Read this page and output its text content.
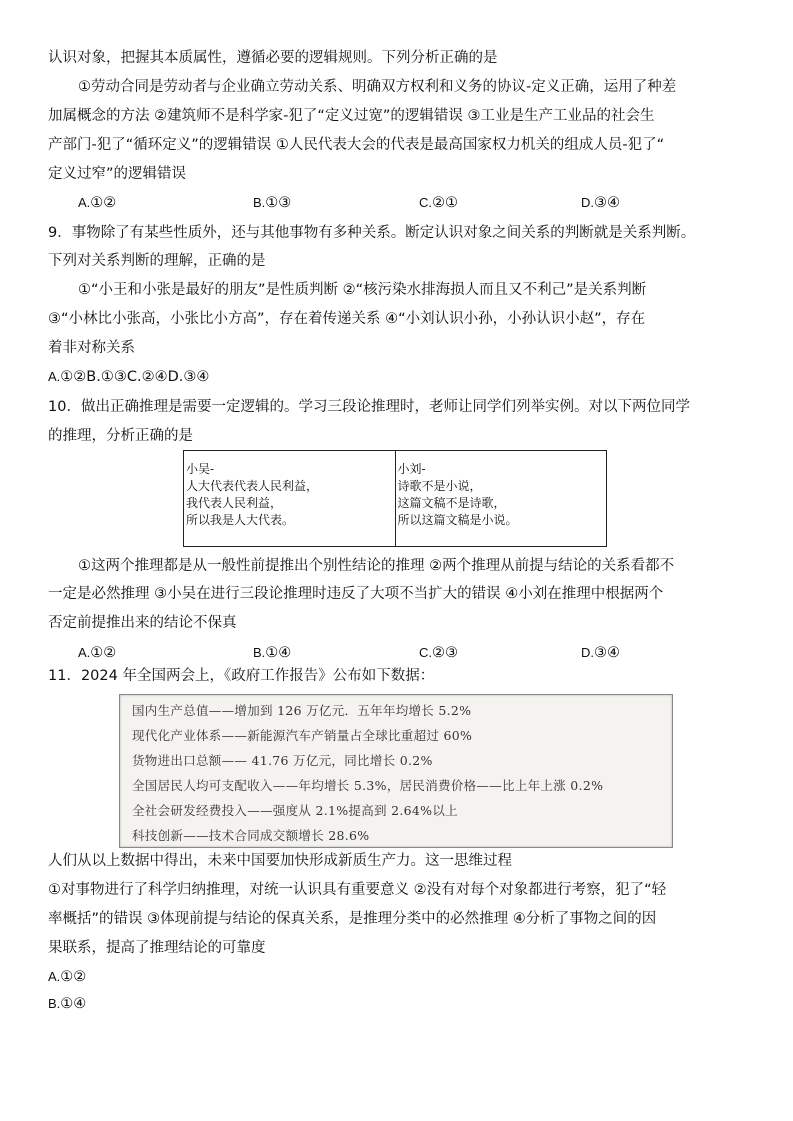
认识对象，把握其本质属性，遵循必要的逻辑规则。下列分析正确的是
①劳动合同是劳动者与企业确立劳动关系、明确双方权利和义务的协议-定义正确，运用了种差
加属概念的方法 ②建筑师不是科学家-犯了“定义过宽”的逻辑错误 ③工业是生产工业品的社会生
产部门-犯了“循环定义”的逻辑错误 ①人民代表大会的代表是最高国家权力机关的组成人员-犯了“
定义过窄”的逻辑错误
A.①②	B.①③	C.②①	D.③④
9．事物除了有某些性质外，还与其他事物有多种关系。断定认识对象之间关系的判断就是关系判断。
下列对关系判断的理解，正确的是
①“小王和小张是最好的朋友”是性质判断 ②“核污染水排海损人而且又不利己”是关系判断
③“小林比小张高，小张比小方高”，存在着传递关系 ④“小刘认识小孙，小孙认识小赵”，存在
着非对称关系
A.①②B.①③C.②④D.③④
10．做出正确推理是需要一定逻辑的。学习三段论推理时，老师让同学们列举实例。对以下两位同学
的推理，分析正确的是
小吴-
人大代表代表人民利益，
我代表人民利益，
所以我是人大代表。

小刘-
诗歌不是小说，
这篇文稿不是诗歌，
所以这篇文稿是小说。
①这两个推理都是从一般性前提推出个别性结论的推理 ②两个推理从前提与结论的关系看都不
一定是必然推理 ③小吴在进行三段论推理时违反了大项不当扩大的错误 ④小刘在推理中根据两个
否定前提推出来的结论不保真
A.①②	B.①④	C.②③	D.③④
11．2024 年全国两会上，《政府工作报告》公布如下数据：
国内生产总值——增加到 126 万亿元．五年年均增长 5.2%
现代化产业体系——新能源汽车产销量占全球比重超过 60%
货物进出口总额—— 41.76 万亿元，同比增长 0.2%
全国居民人均可支配收入——年均增长 5.3%，居民消费价格——比上年上涨 0.2%
全社会研发经费投入——强度从 2.1%提高到 2.64%以上
科技创新——技术合同成交额增长 28.6%
人们从以上数据中得出，未来中国要加快形成新质生产力。这一思维过程
①对事物进行了科学归纳推理，对统一认识具有重要意义 ②没有对每个对象都进行考察，犯了“轻
率概括”的错误 ③体现前提与结论的保真关系，是推理分类中的必然推理 ④分析了事物之间的因
果联系，提高了推理结论的可靠度
A.①②
B.①④
